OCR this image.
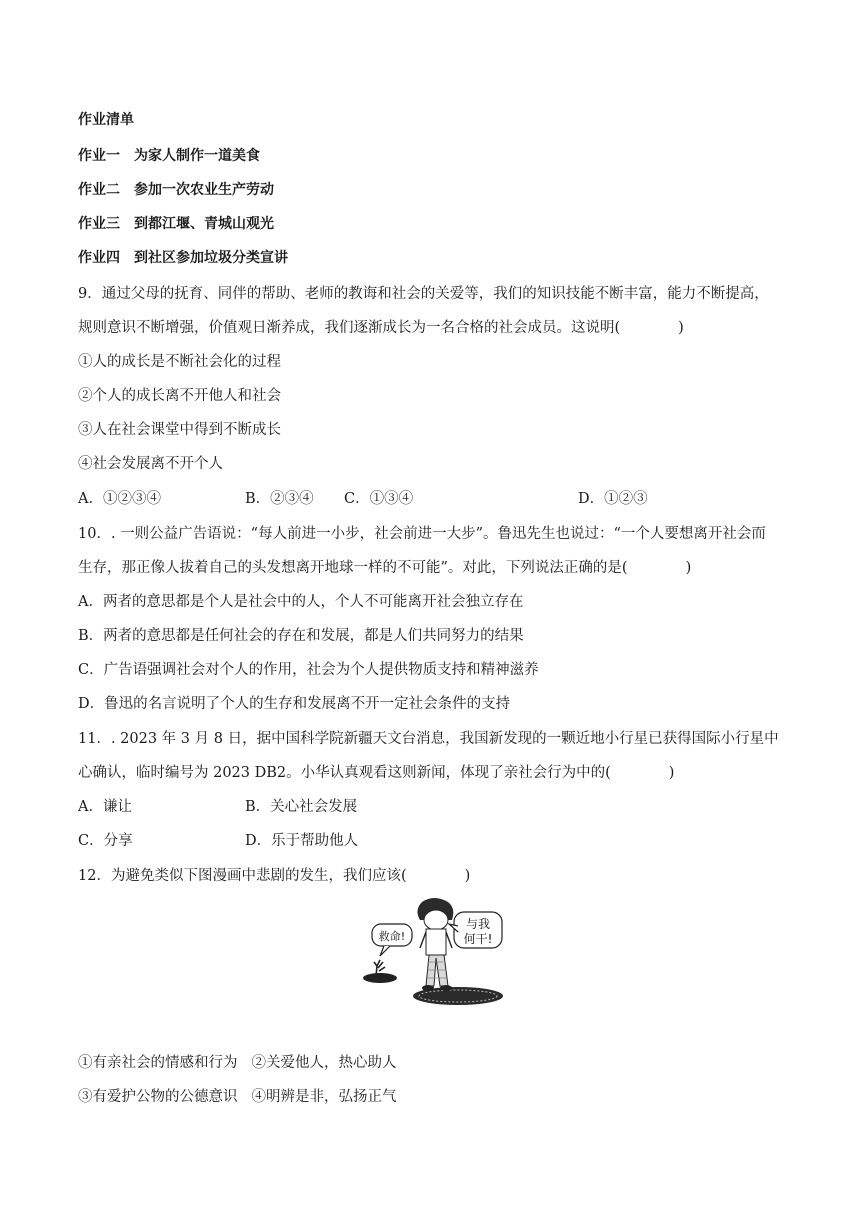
作业清单
作业一 为家人制作一道美食
作业二 参加一次农业生产劳动
作业三 到都江堰、青城山观光
作业四 到社区参加垃圾分类宣讲
9．通过父母的抚育、同伴的帮助、老师的教诲和社会的关爱等，我们的知识技能不断丰富，能力不断提高，
规则意识不断增强，价值观日渐养成，我们逐渐成长为一名合格的社会成员。这说明(　　　　)
①人的成长是不断社会化的过程
②个人的成长离不开他人和社会
③人在社会课堂中得到不断成长
④社会发展离不开个人
A．①②③④	B．②③④ C．①③④	D．①②③
10．. 一则公益广告语说：“每人前进一小步，社会前进一大步”。鲁迅先生也说过：“一个人要想离开社会而
生存，那正像人拔着自己的头发想离开地球一样的不可能”。对此，下列说法正确的是(　　　　)
A．两者的意思都是个人是社会中的人，个人不可能离开社会独立存在
B．两者的意思都是任何社会的存在和发展，都是人们共同努力的结果
C．广告语强调社会对个人的作用，社会为个人提供物质支持和精神滋养
D．鲁迅的名言说明了个人的生存和发展离不开一定社会条件的支持
11．. 2023 年 3 月 8 日，据中国科学院新疆天文台消息，我国新发现的一颗近地小行星已获得国际小行星中
心确认，临时编号为 2023 DB2。小华认真观看这则新闻，体现了亲社会行为中的(　　　　)
A．谦让	B．关心社会发展
C．分享	D．乐于帮助他人
12．为避免类似下图漫画中悲剧的发生，我们应该(　　　　)
救命!
与我
何干!
①有亲社会的情感和行为 ②关爱他人，热心助人
③有爱护公物的公德意识 ④明辨是非，弘扬正气
